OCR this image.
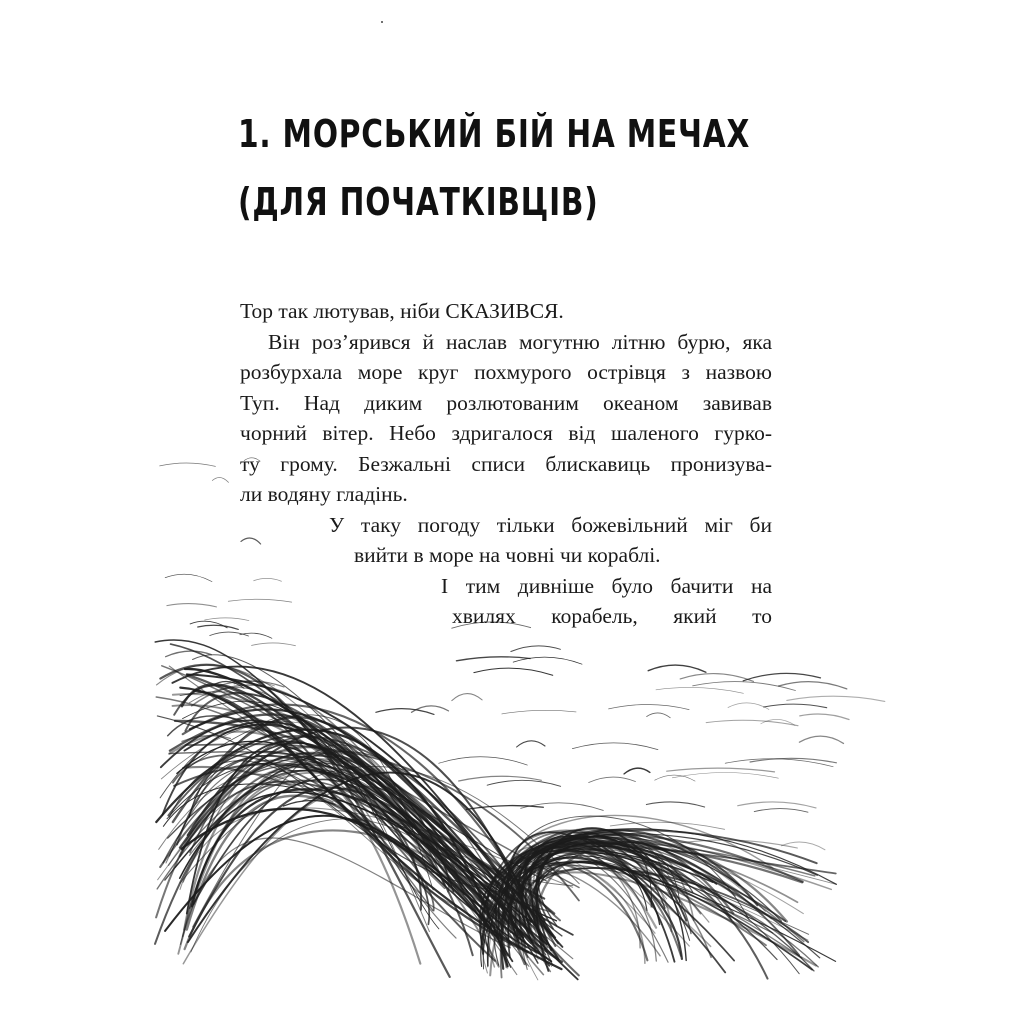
1. МОРСЬКИЙ БІЙ НА МЕЧАХ
(ДЛЯ ПОЧАТКІВЦІВ)
Тор так лютував, ніби СКАЗИВСЯ.
Він роз’ярився й наслав могутню літню бурю, яка
розбурхала море круг похмурого острівця з назвою
Туп. Над диким розлютованим океаном завивав
чорний вітер. Небо здригалося від шаленого гурко-
ту грому. Безжальні списи блискавиць пронизува-
ли водяну гладінь.
У таку погоду тільки божевільний міг би
вийти в море на човні чи кораблі.
І тим дивніше було бачити на
хвилях корабель, який то
